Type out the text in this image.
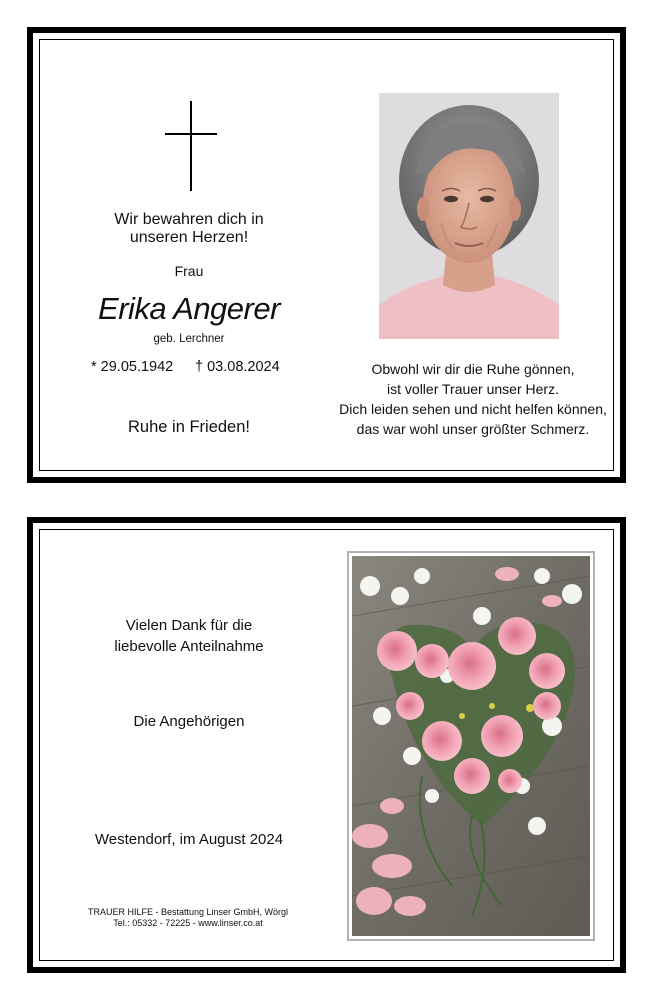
Wir bewahren dich in
unseren Herzen!
Frau
Erika Angerer
geb. Lerchner
* 29.05.1942 † 03.08.2024
Ruhe in Frieden!
Obwohl wir dir die Ruhe gönnen,
ist voller Trauer unser Herz.
Dich leiden sehen und nicht helfen können,
das war wohl unser größter Schmerz.
Vielen Dank für die
liebevolle Anteilnahme
Die Angehörigen
Westendorf, im August 2024
TRAUER HILFE - Bestattung Linser GmbH, Wörgl
Tel.: 05332 - 72225 - www.linser.co.at
